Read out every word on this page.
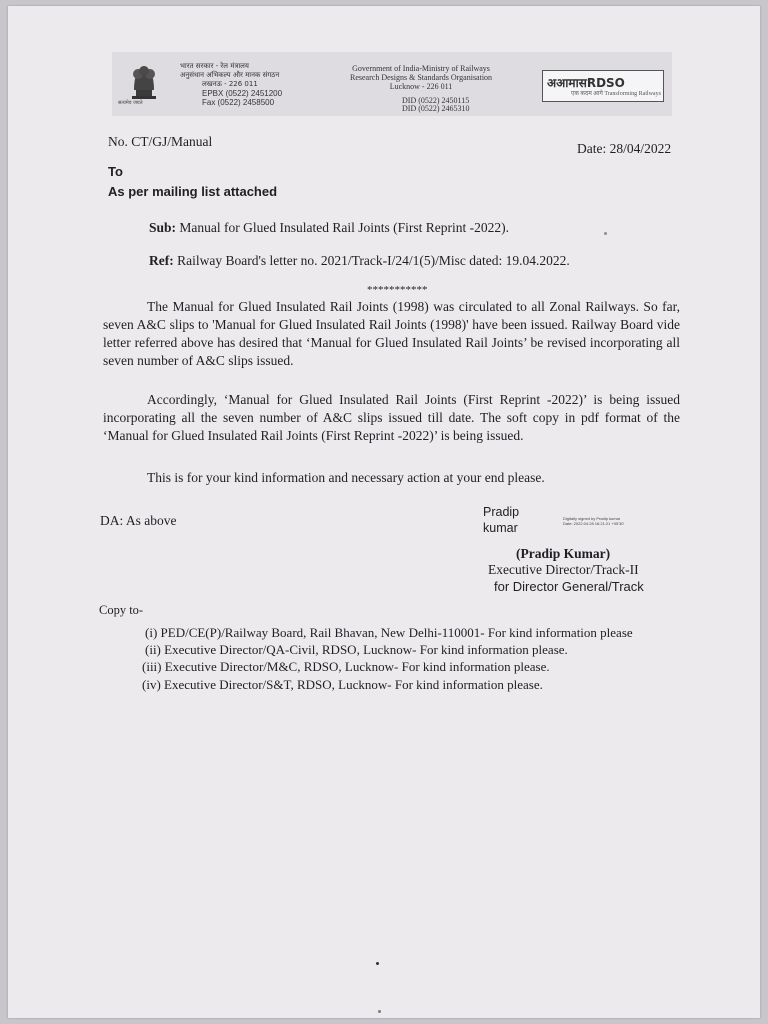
सत्यमेव जयते
भारत सरकार - रेल मंत्रालय
अनुसंधान अभिकल्प और मानक संगठन
लखनऊ - 226 011
EPBX (0522) 2451200
Fax (0522) 2458500
Government of India-Ministry of Railways
Research Designs & Standards Organisation
Lucknow - 226 011
DID (0522) 2450115
DID (0522) 2465310
अआमासRDSO
एक कदम आगे Transforming Railways
No. CT/GJ/Manual	Date: 28/04/2022
To
As per mailing list attached
Sub: Manual for Glued Insulated Rail Joints (First Reprint -2022).
Ref: Railway Board's letter no. 2021/Track-I/24/1(5)/Misc dated: 19.04.2022.
***********
The Manual for Glued Insulated Rail Joints (1998) was circulated to all Zonal Railways. So far, seven A&C slips to 'Manual for Glued Insulated Rail Joints (1998)' have been issued. Railway Board vide letter referred above has desired that ‘Manual for Glued Insulated Rail Joints’ be revised incorporating all seven number of A&C slips issued.
Accordingly, ‘Manual for Glued Insulated Rail Joints (First Reprint -2022)’ is being issued incorporating all the seven number of A&C slips issued till date. The soft copy in pdf format of the ‘Manual for Glued Insulated Rail Joints (First Reprint -2022)’ is being issued.
This is for your kind information and necessary action at your end please.
DA: As above
Pradip
kumar
Digitally signed by Pradip kumar
Date: 2022.04.28 16:21:21 +05'30'
(Pradip Kumar)
Executive Director/Track-II
for Director General/Track
Copy to-
(i) PED/CE(P)/Railway Board, Rail Bhavan, New Delhi-110001- For kind information please
(ii) Executive Director/QA-Civil, RDSO, Lucknow- For kind information please.
(iii) Executive Director/M&C, RDSO, Lucknow- For kind information please.
(iv) Executive Director/S&T, RDSO, Lucknow- For kind information please.
